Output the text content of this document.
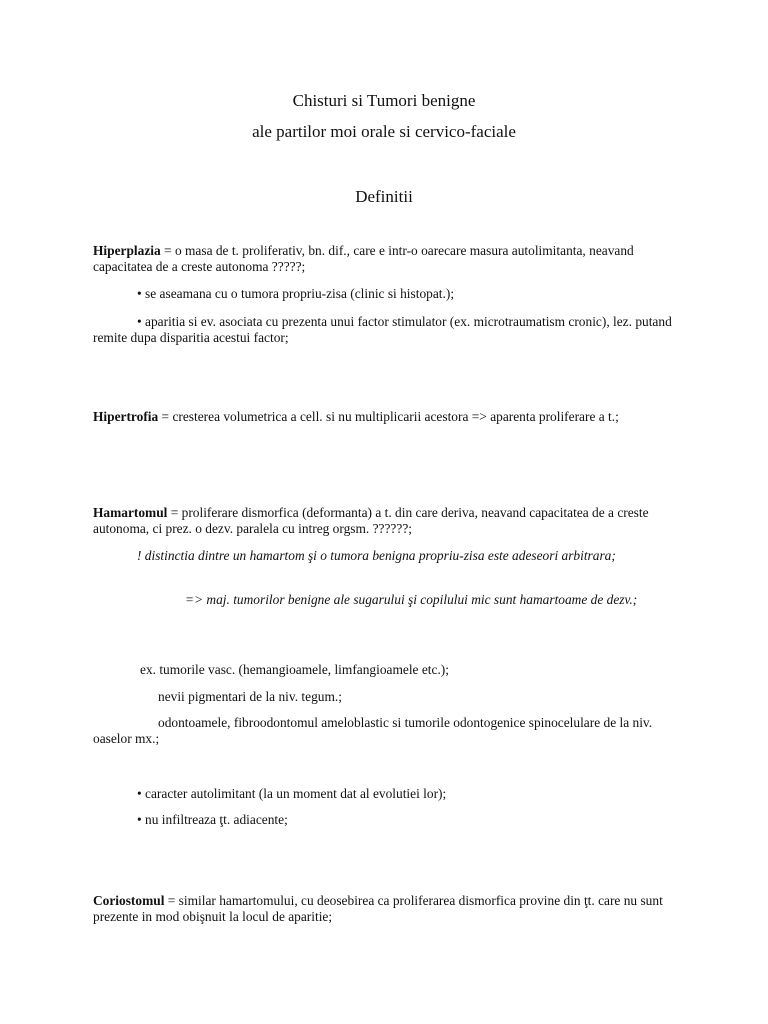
Chisturi si Tumori benigne
ale partilor moi orale si cervico-faciale
Definitii
Hiperplazia = o masa de t. proliferativ, bn. dif., care e intr-o oarecare masura autolimitanta, neavand capacitatea de a creste autonoma ?????;
• se aseamana cu o tumora propriu-zisa (clinic si histopat.);
• aparitia si ev. asociata cu prezenta unui factor stimulator (ex. microtraumatism cronic), lez. putand remite dupa disparitia acestui factor;
Hipertrofia = cresterea volumetrica a cell. si nu multiplicarii acestora => aparenta proliferare a t.;
Hamartomul = proliferare dismorfica (deformanta) a t. din care deriva, neavand capacitatea de a creste autonoma, ci prez. o dezv. paralela cu intreg orgsm. ??????;
! distinctia dintre un hamartom şi o tumora benigna propriu-zisa este adeseori arbitrara;
=> maj. tumorilor benigne ale sugarului şi copilului mic sunt hamartoame de dezv.;
ex. tumorile vasc. (hemangioamele, limfangioamele etc.);
nevii pigmentari de la niv. tegum.;
odontoamele, fibroodontomul ameloblastic si tumorile odontogenice spinocelulare de la niv. oaselor mx.;
• caracter autolimitant (la un moment dat al evolutiei lor);
• nu infiltreaza ţt. adiacente;
Coriostomul = similar hamartomului, cu deosebirea ca proliferarea dismorfica provine din ţt. care nu sunt prezente in mod obişnuit la locul de aparitie;
